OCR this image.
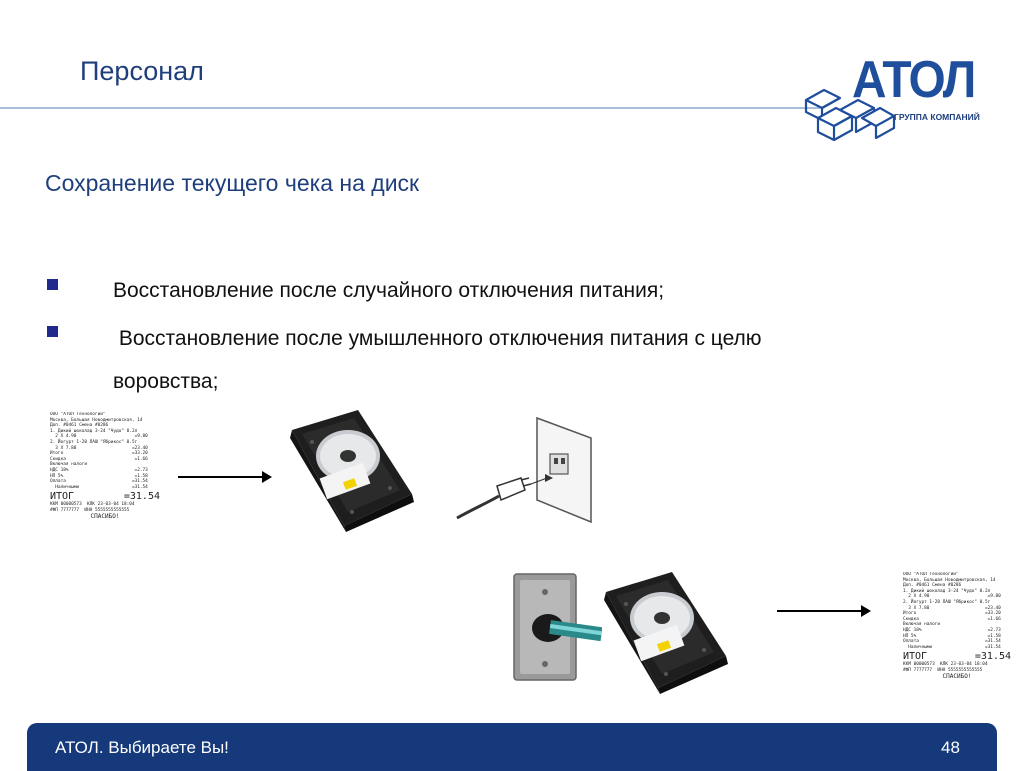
Персонал	АТОЛ
ГРУППА КОМПАНИЙ
Сохранение текущего чека на диск
Восстановление после случайного отключения питания;
Восстановление после умышленного отключения питания с целю
воровства;
ООО "АТОЛ Технологии"
Москва, Большая Новодмитровская, 14
Доп. #0461 Смена #0286
1. Дикий шоколад 3-24 "Чудо" 0.2л
2 X 4.90                      =9.80
2. Йогурт 1-20 ЛАШ "Ябрикос" 0.5г
3 X 7.80                     =23.40
Итого                          =33.20
Скидка                          =1.66
Включая налоги
НДС 18%                         =2.73
НП 5%                           =1.58
Оплата                         =31.54
Наличными                    =31.54
ИТОГ	=31.54
ККМ 00000573  КЛК 23-03-04 18:04
#ФП 7777777  ИНН 5555555555555
СПАСИБО!
ООО "АТОЛ Технологии"
Москва, Большая Новодмитровская, 14
Доп. #0461 Смена #0286
1. Дикий шоколад 3-24 "Чудо" 0.2л
2 X 4.90                      =9.80
2. Йогурт 1-20 ЛАШ "Ябрикос" 0.5г
3 X 7.80                     =23.40
Итого                          =33.20
Скидка                          =1.66
Включая налоги
НДС 18%                         =2.73
НП 5%                           =1.58
Оплата                         =31.54
Наличными                    =31.54
ИТОГ	=31.54
ККМ 00000573  КЛК 23-03-04 18:04
#ФП 7777777  ИНН 5555555555555
СПАСИБО!
АТОЛ. Выбираете Вы!	48
